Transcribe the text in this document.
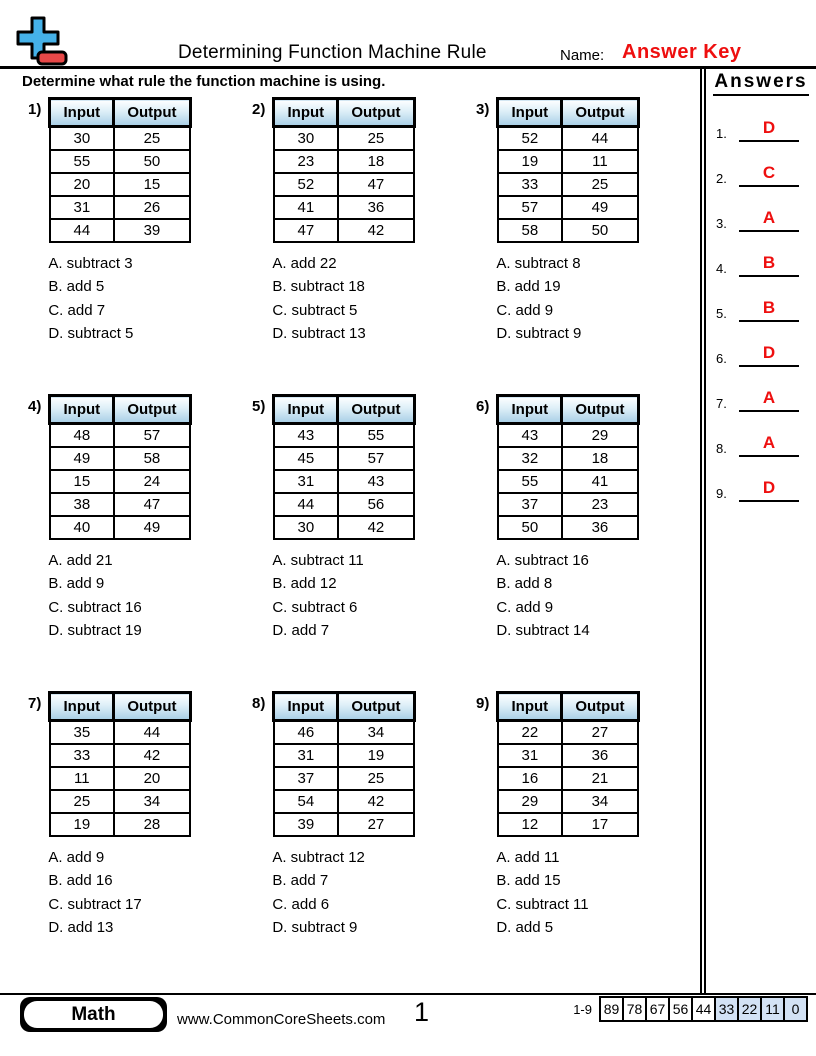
Determining Function Machine Rule	Name: Answer Key
Determine what rule the function machine is using.	Answers
1.	D
2.	C
3.	A
4.	B
5.	B
6.	D
7.	A
8.	A
9.	D
1) Input	Output
30	25
55	50
20	15
31	26
44	39
A. subtract 3
B. add 5
C. add 7
D. subtract 5
2) Input	Output
30	25
23	18
52	47
41	36
47	42
A. add 22
B. subtract 18
C. subtract 5
D. subtract 13
3) Input	Output
52	44
19	11
33	25
57	49
58	50
A. subtract 8
B. add 19
C. add 9
D. subtract 9
4) Input	Output
48	57
49	58
15	24
38	47
40	49
A. add 21
B. add 9
C. subtract 16
D. subtract 19
5) Input	Output
43	55
45	57
31	43
44	56
30	42
A. subtract 11
B. add 12
C. subtract 6
D. add 7
6) Input	Output
43	29
32	18
55	41
37	23
50	36
A. subtract 16
B. add 8
C. add 9
D. subtract 14
7) Input	Output
35	44
33	42
11	20
25	34
19	28
A. add 9
B. add 16
C. subtract 17
D. add 13
8) Input	Output
46	34
31	19
37	25
54	42
39	27
A. subtract 12
B. add 7
C. add 6
D. subtract 9
9) Input	Output
22	27
31	36
16	21
29	34
12	17
A. add 11
B. add 15
C. subtract 11
D. add 5
Math	www.CommonCoreSheets.com 1	1-9 89 78 67 56 44 33 22 11 0
